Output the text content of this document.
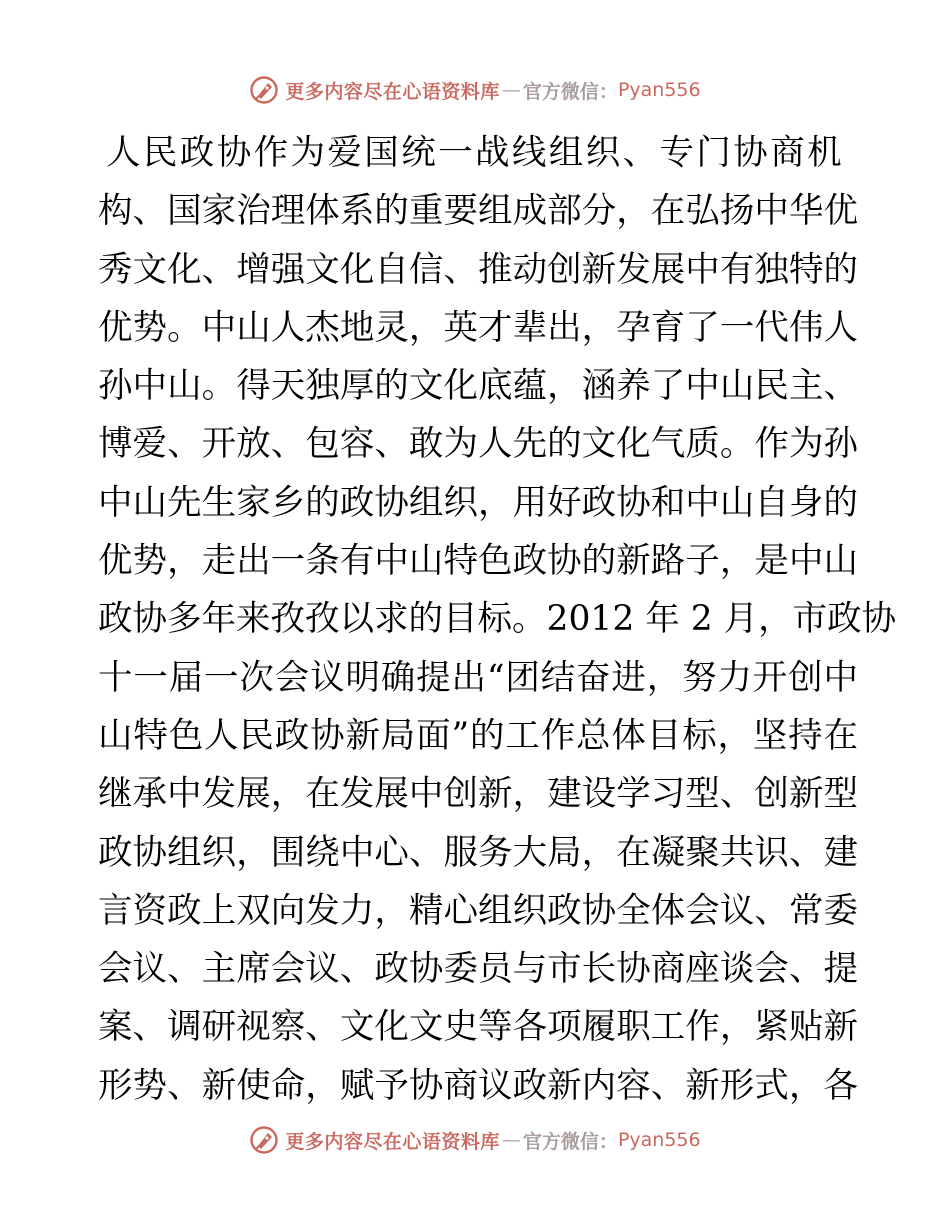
更多内容尽在心语资料库 — 官方微信： Pyan556
人民政协作为爱国统一战线组织、专门协商机
构、国家治理体系的重要组成部分，在弘扬中华优
秀文化、增强文化自信、推动创新发展中有独特的
优势。中山人杰地灵，英才辈出，孕育了一代伟人
孙中山。得天独厚的文化底蕴，涵养了中山民主、
博爱、开放、包容、敢为人先的文化气质。作为孙
中山先生家乡的政协组织，用好政协和中山自身的
优势，走出一条有中山特色政协的新路子，是中山
政协多年来孜孜以求的目标。2012 年 2 月，市政协
十一届一次会议明确提出“团结奋进，努力开创中
山特色人民政协新局面”的工作总体目标，坚持在
继承中发展，在发展中创新，建设学习型、创新型
政协组织，围绕中心、服务大局，在凝聚共识、建
言资政上双向发力，精心组织政协全体会议、常委
会议、主席会议、政协委员与市长协商座谈会、提
案、调研视察、文化文史等各项履职工作，紧贴新
形势、新使命，赋予协商议政新内容、新形式，各
更多内容尽在心语资料库 — 官方微信： Pyan556
